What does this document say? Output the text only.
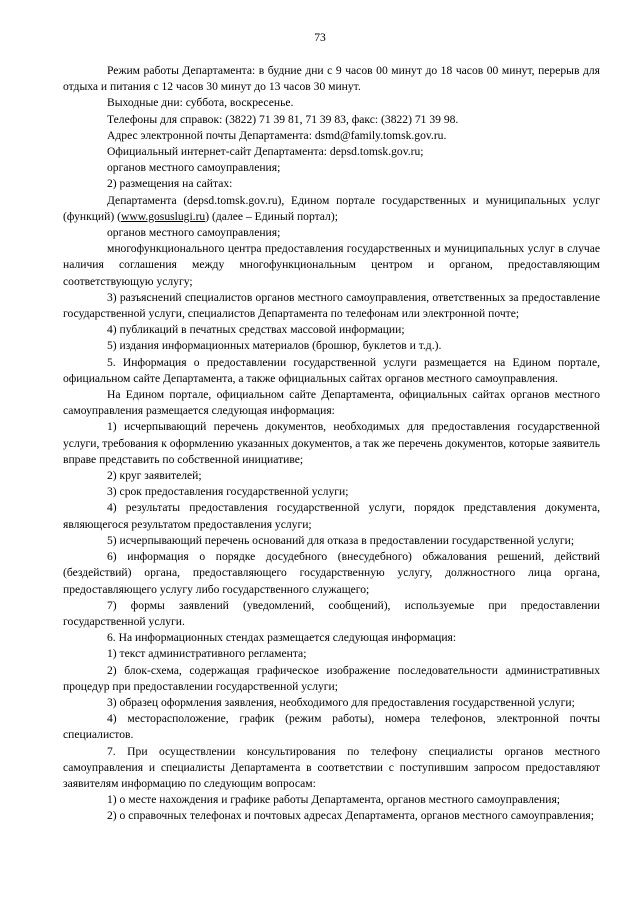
73

Режим работы Департамента: в будние дни с 9 часов 00 минут до 18 часов 00 минут, перерыв для отдыха и питания с 12 часов 30 минут до 13 часов 30 минут.

Выходные дни: суббота, воскресенье.

Телефоны для справок: (3822) 71 39 81, 71 39 83, факс: (3822) 71 39 98.

Адрес электронной почты Департамента: dsmd@family.tomsk.gov.ru.

Официальный интернет-сайт Департамента: depsd.tomsk.gov.ru;

органов местного самоуправления;

2) размещения на сайтах:

Департамента (depsd.tomsk.gov.ru), Едином портале государственных и муниципальных услуг (функций) (www.gosuslugi.ru) (далее – Единый портал);

органов местного самоуправления;

многофункционального центра предоставления государственных и муниципальных услуг в случае наличия соглашения между многофункциональным центром и органом, предоставляющим соответствующую услугу;

3) разъяснений специалистов органов местного самоуправления, ответственных за предоставление государственной услуги, специалистов Департамента по телефонам или электронной почте;

4) публикаций в печатных средствах массовой информации;

5) издания информационных материалов (брошюр, буклетов и т.д.).

5. Информация о предоставлении государственной услуги размещается на Едином портале, официальном сайте Департамента, а также официальных сайтах органов местного самоуправления.

На Едином портале, официальном сайте Департамента, официальных сайтах органов местного самоуправления размещается следующая информация:

1) исчерпывающий перечень документов, необходимых для предоставления государственной услуги, требования к оформлению указанных документов, а так же перечень документов, которые заявитель вправе представить по собственной инициативе;

2) круг заявителей;

3) срок предоставления государственной услуги;

4) результаты предоставления государственной услуги, порядок представления документа, являющегося результатом предоставления услуги;

5) исчерпывающий перечень оснований для отказа в предоставлении государственной услуги;

6) информация о порядке досудебного (внесудебного) обжалования решений, действий (бездействий) органа, предоставляющего государственную услугу, должностного лица органа, предоставляющего услугу либо государственного служащего;

7) формы заявлений (уведомлений, сообщений), используемые при предоставлении государственной услуги.

6. На информационных стендах размещается следующая информация:

1) текст административного регламента;

2) блок-схема, содержащая графическое изображение последовательности административных процедур при предоставлении государственной услуги;

3) образец оформления заявления, необходимого для предоставления государственной услуги;

4) месторасположение, график (режим работы), номера телефонов, электронной почты специалистов.

7. При осуществлении консультирования по телефону специалисты органов местного самоуправления и специалисты Департамента в соответствии с поступившим запросом предоставляют заявителям информацию по следующим вопросам:

1) о месте нахождения и графике работы Департамента, органов местного самоуправления;

2) о справочных телефонах и почтовых адресах Департамента, органов местного самоуправления;
